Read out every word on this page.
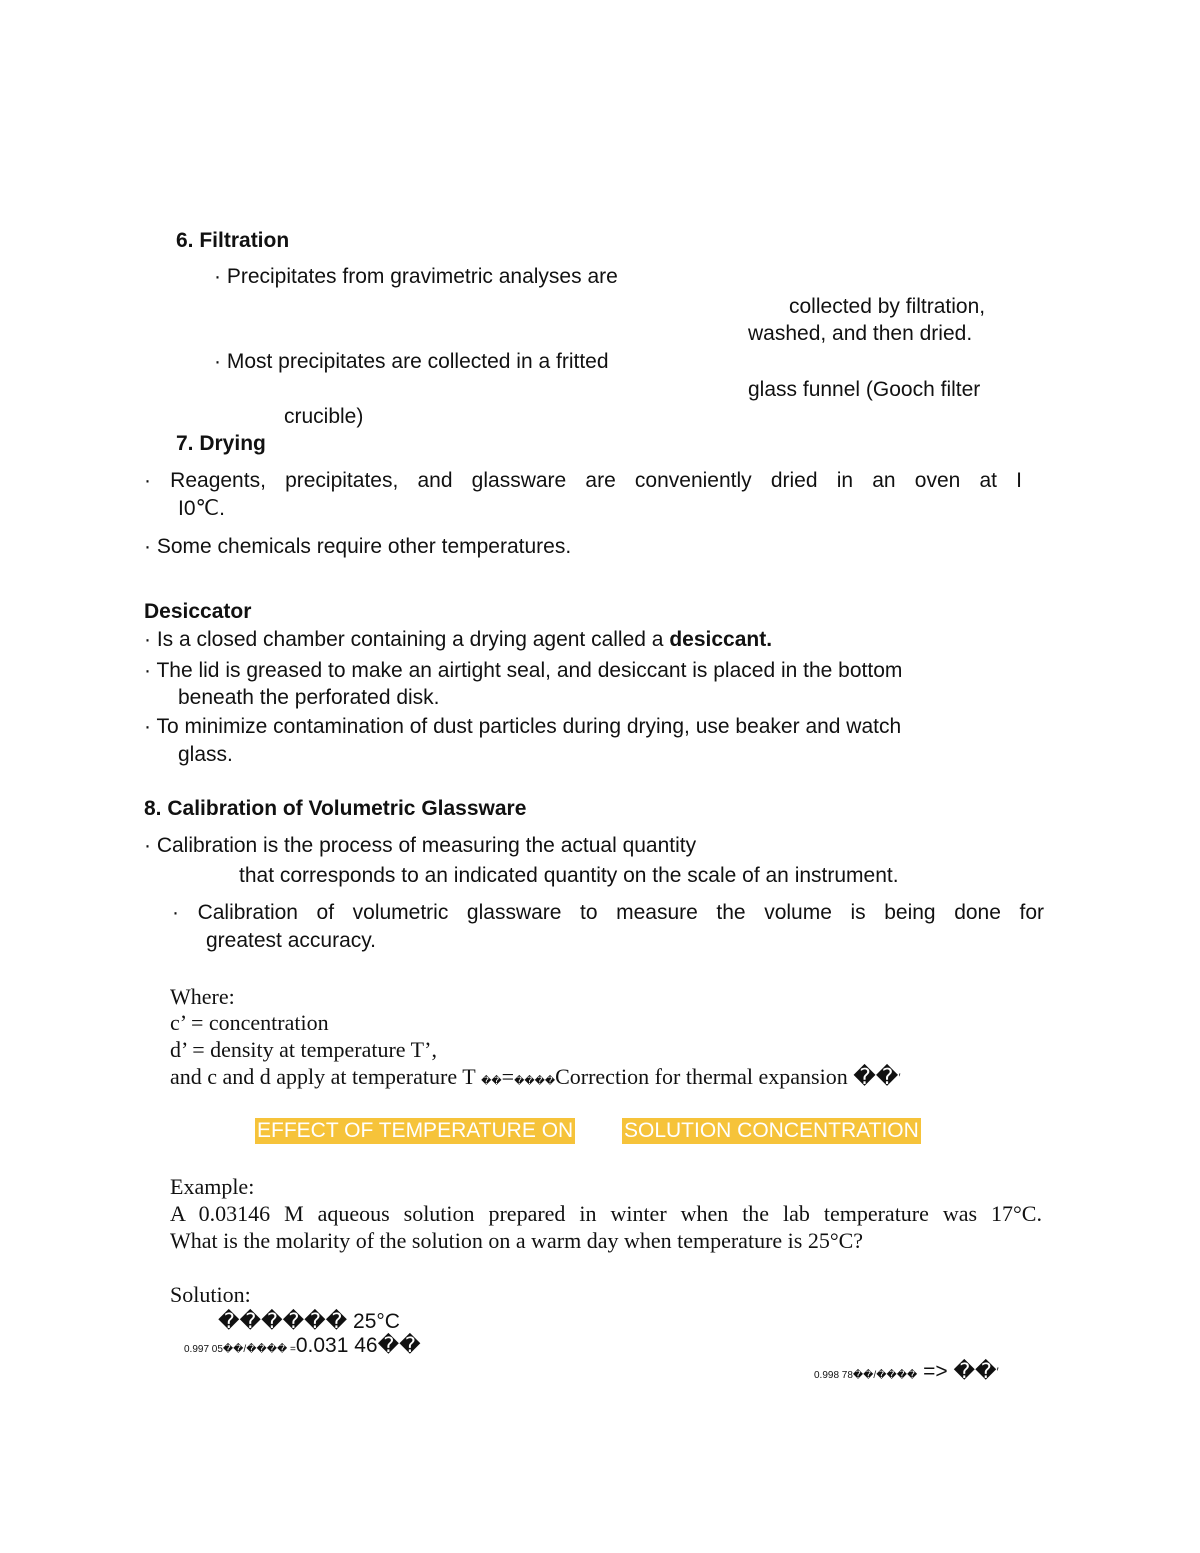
6. Filtration
· Precipitates from gravimetric analyses are
collected by filtration,
washed, and then dried.
· Most precipitates are collected in a fritted
glass funnel (Gooch filter
crucible)
7. Drying
· Reagents, precipitates, and glassware are conveniently dried in an oven at I
I0℃.
· Some chemicals require other temperatures.
Desiccator
· Is a closed chamber containing a drying agent called a desiccant.
· The lid is greased to make an airtight seal, and desiccant is placed in the bottom
beneath the perforated disk.
· To minimize contamination of dust particles during drying, use beaker and watch
glass.
8. Calibration of Volumetric Glassware
· Calibration is the process of measuring the actual quantity
that corresponds to an indicated quantity on the scale of an instrument.
· Calibration of volumetric glassware to measure the volume is being done for
greatest accuracy.
Where:
c’ = concentration
d’ = density at temperature T’,
and c and d apply at temperature T ��=����Correction for thermal expansion ��′
EFFECT OF TEMPERATURE ON SOLUTION CONCENTRATION
Example:
A 0.03146 M aqueous solution prepared in winter when the lab temperature was 17°C.
What is the molarity of the solution on a warm day when temperature is 25°C?
Solution:
������ 25°C
0.997 05��/���� =0.031 46��
0.998 78��/���� => ��′
